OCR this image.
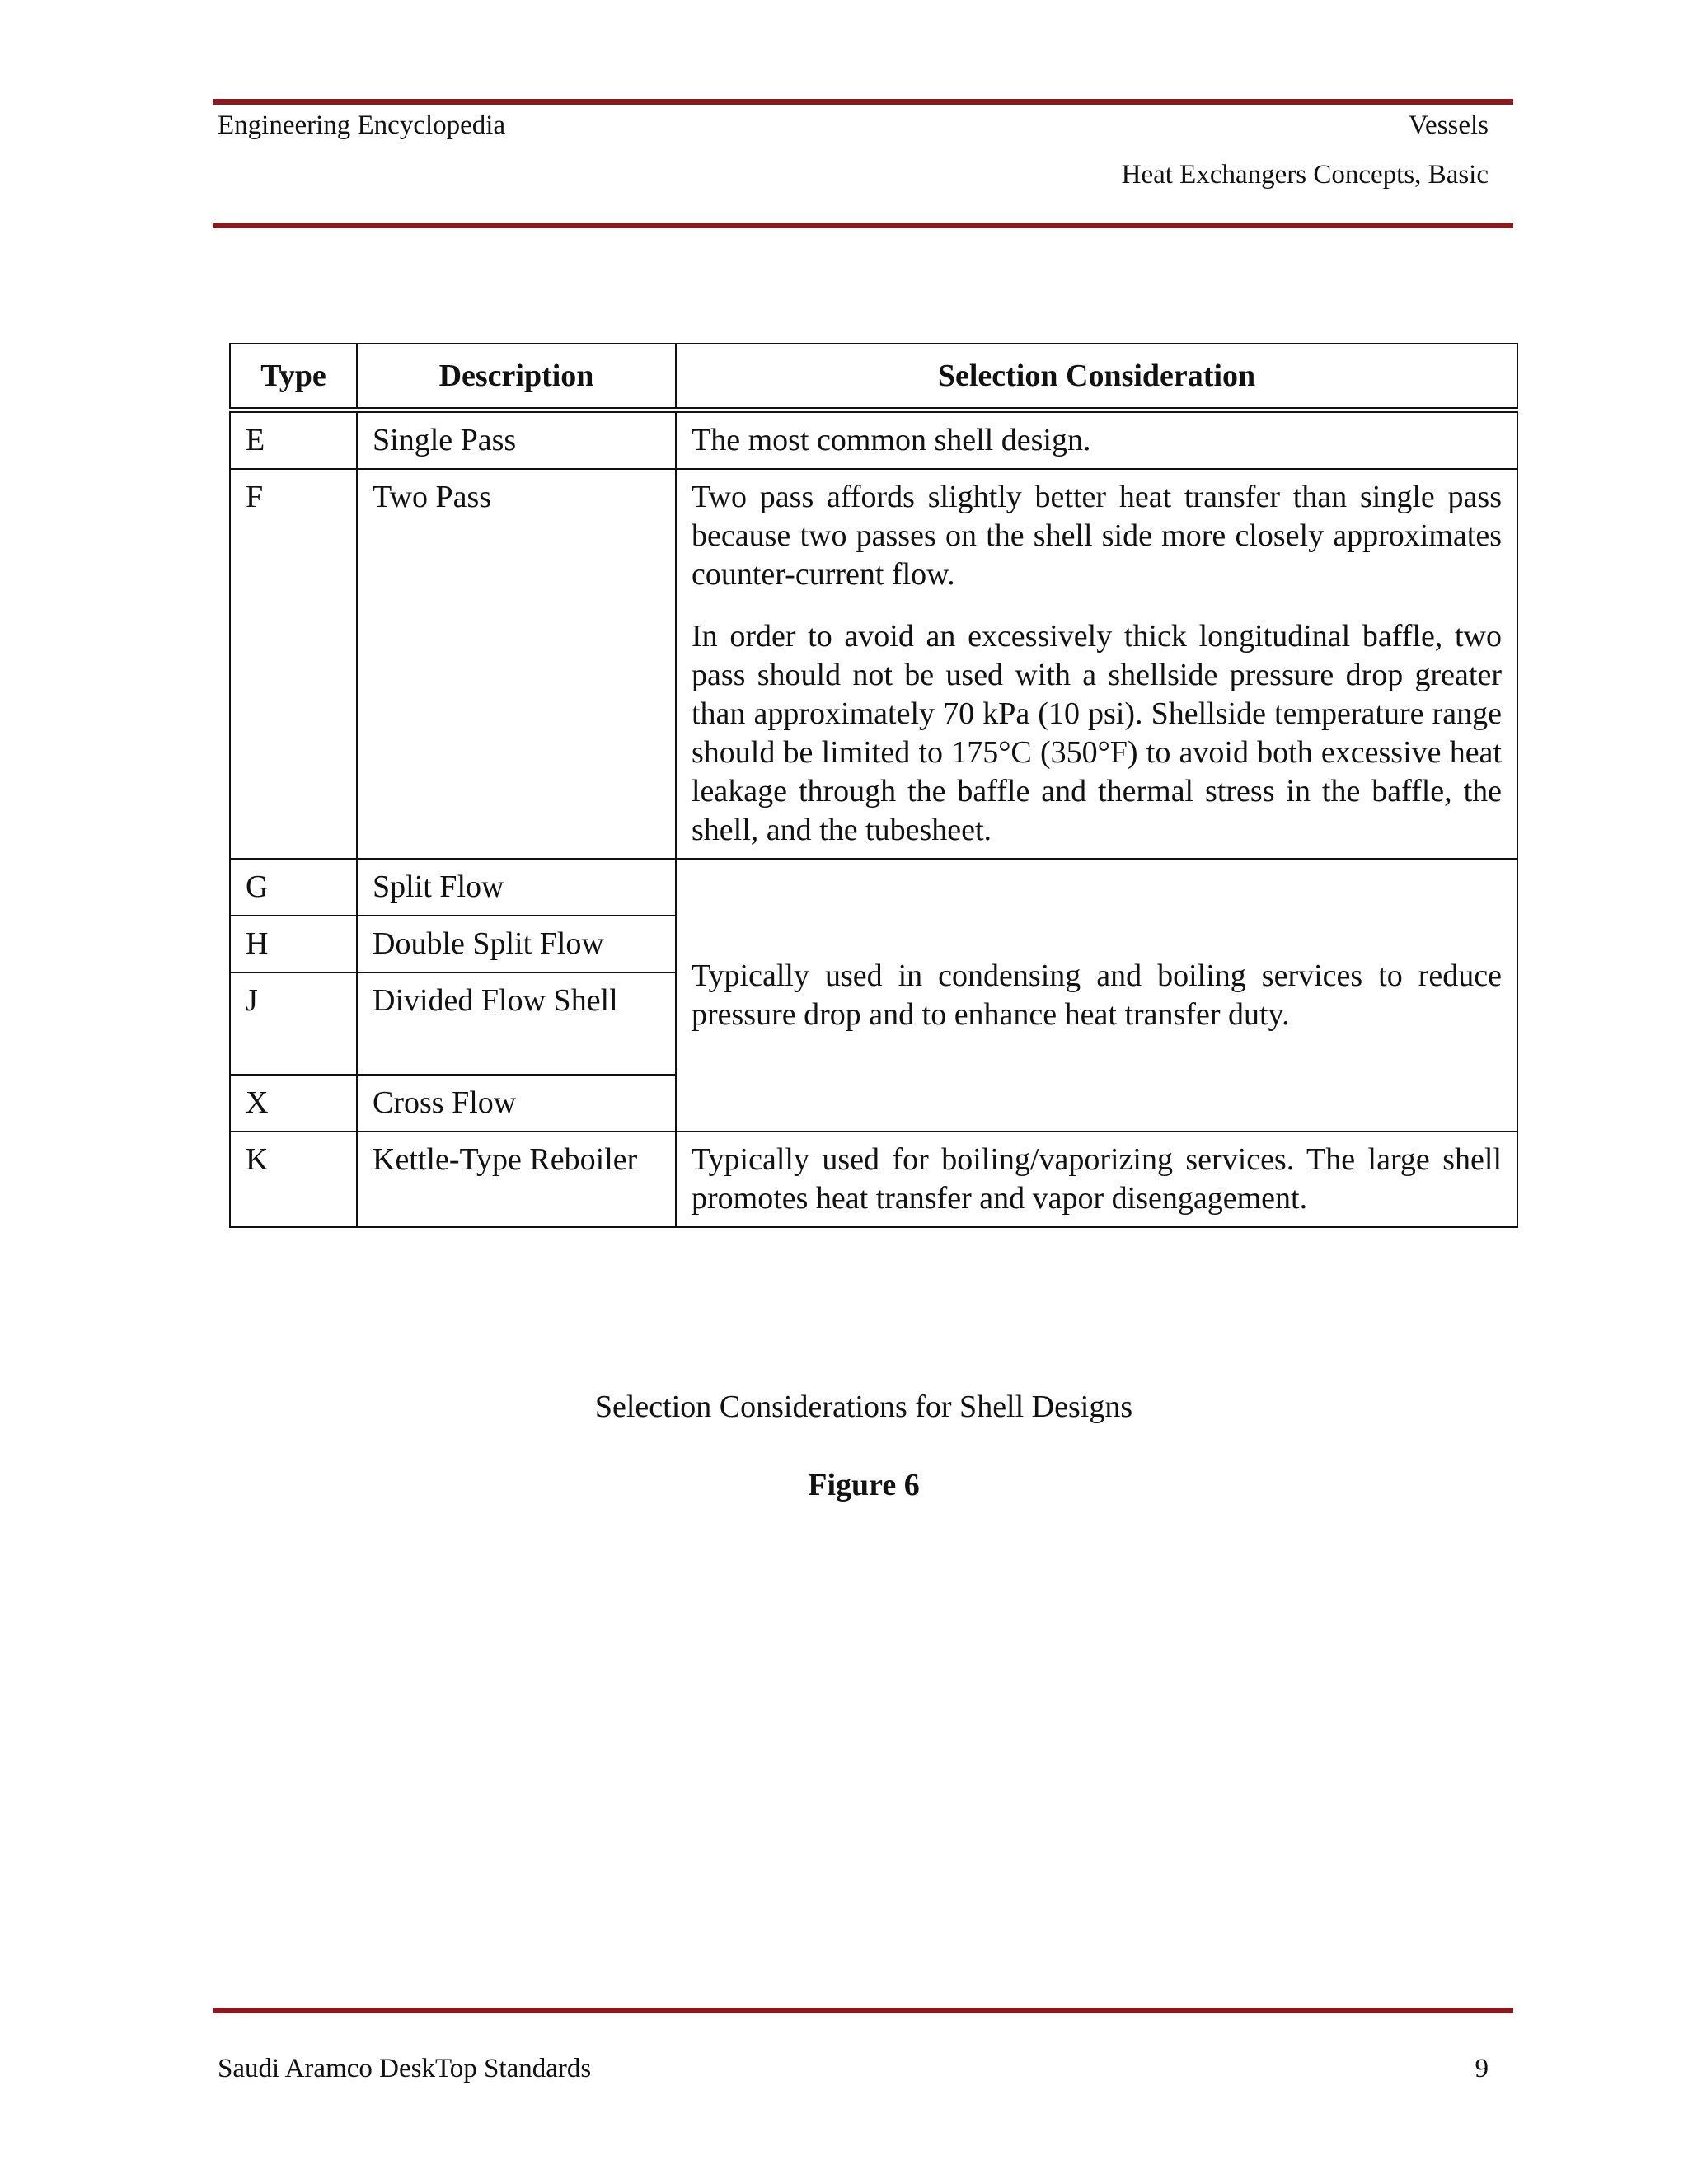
Engineering Encyclopedia	Vessels
Heat Exchangers Concepts, Basic
Type	Description	Selection Consideration
E	Single Pass	The most common shell design.

F	Two Pass	Two pass affords slightly better heat transfer than single pass because two passes on the shell side more closely approximates counter-current flow.

In order to avoid an excessively thick longitudinal baffle, two pass should not be used with a shellside pressure drop greater than approximately 70 kPa (10 psi). Shellside temperature range should be limited to 175°C (350°F) to avoid both excessive heat leakage through the baffle and thermal stress in the baffle, the shell, and the tubesheet.

G	Split Flow	Typically used in condensing and boiling services to reduce pressure drop and to enhance heat transfer duty.

H	Double Split Flow	
J	Divided Flow Shell	
X	Cross Flow	
K	Kettle-Type Reboiler	Typically used for boiling/vaporizing services. The large shell promotes heat transfer and vapor disengagement.

Selection Considerations for Shell Designs
Figure 6
Saudi Aramco DeskTop Standards	9
